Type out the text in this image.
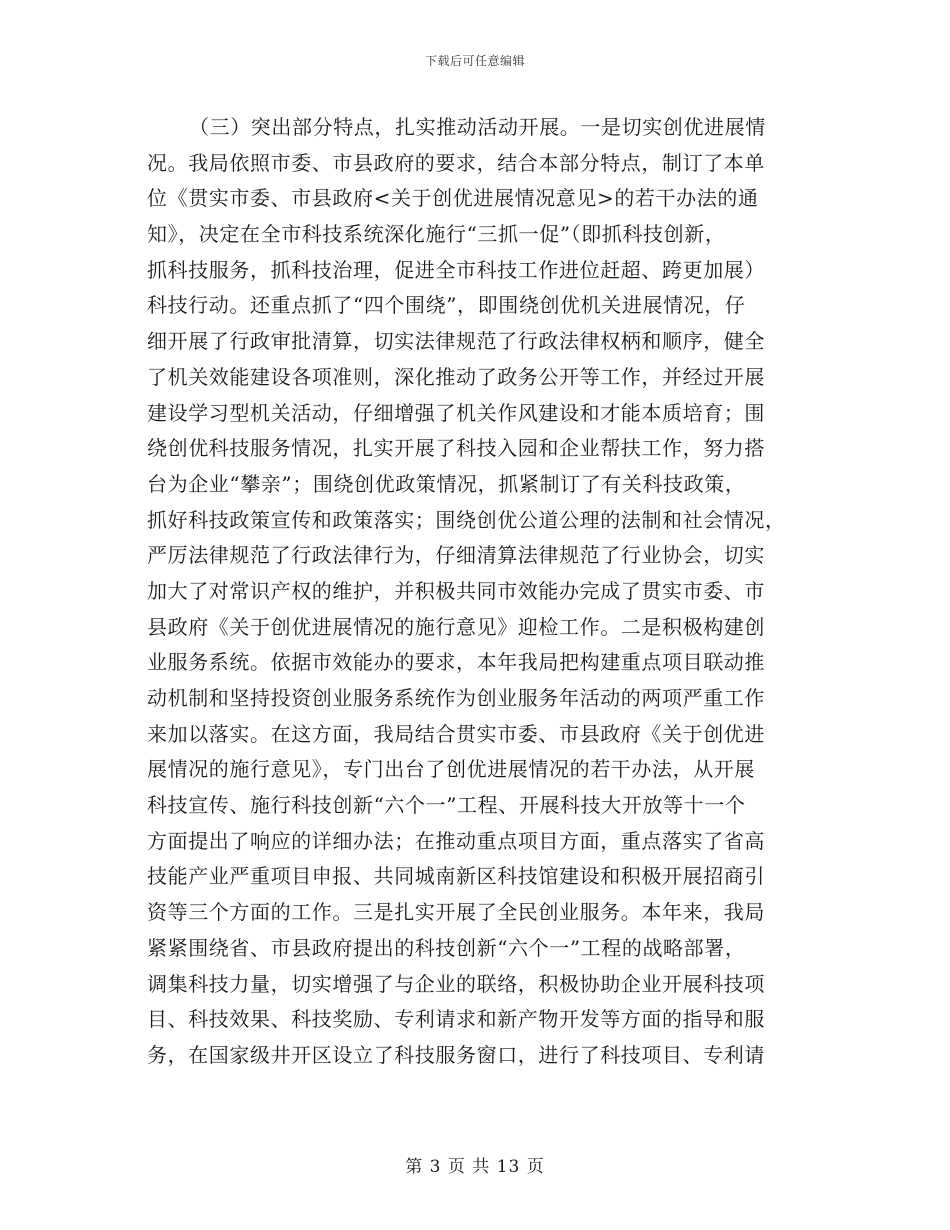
下载后可任意编辑
（三）突出部分特点，扎实推动活动开展。一是切实创优进展情
况。我局依照市委、市县政府的要求，结合本部分特点，制订了本单
位《贯实市委、市县政府<关于创优进展情况意见>的若干办法的通
知》，决定在全市科技系统深化施行“三抓一促”（即抓科技创新，
抓科技服务，抓科技治理，促进全市科技工作进位赶超、跨更加展）
科技行动。还重点抓了“四个围绕”，即围绕创优机关进展情况，仔
细开展了行政审批清算，切实法律规范了行政法律权柄和顺序，健全
了机关效能建设各项准则，深化推动了政务公开等工作，并经过开展
建设学习型机关活动，仔细增强了机关作风建设和才能本质培育；围
绕创优科技服务情况，扎实开展了科技入园和企业帮扶工作，努力搭
台为企业“攀亲”；围绕创优政策情况，抓紧制订了有关科技政策，
抓好科技政策宣传和政策落实；围绕创优公道公理的法制和社会情况，
严厉法律规范了行政法律行为，仔细清算法律规范了行业协会，切实
加大了对常识产权的维护，并积极共同市效能办完成了贯实市委、市
县政府《关于创优进展情况的施行意见》迎检工作。二是积极构建创
业服务系统。依据市效能办的要求，本年我局把构建重点项目联动推
动机制和坚持投资创业服务系统作为创业服务年活动的两项严重工作
来加以落实。在这方面，我局结合贯实市委、市县政府《关于创优进
展情况的施行意见》，专门出台了创优进展情况的若干办法，从开展
科技宣传、施行科技创新“六个一”工程、开展科技大开放等十一个
方面提出了响应的详细办法；在推动重点项目方面，重点落实了省高
技能产业严重项目申报、共同城南新区科技馆建设和积极开展招商引
资等三个方面的工作。三是扎实开展了全民创业服务。本年来，我局
紧紧围绕省、市县政府提出的科技创新“六个一”工程的战略部署，
调集科技力量，切实增强了与企业的联络，积极协助企业开展科技项
目、科技效果、科技奖励、专利请求和新产物开发等方面的指导和服
务，在国家级井开区设立了科技服务窗口，进行了科技项目、专利请
第 3 页 共 13 页
